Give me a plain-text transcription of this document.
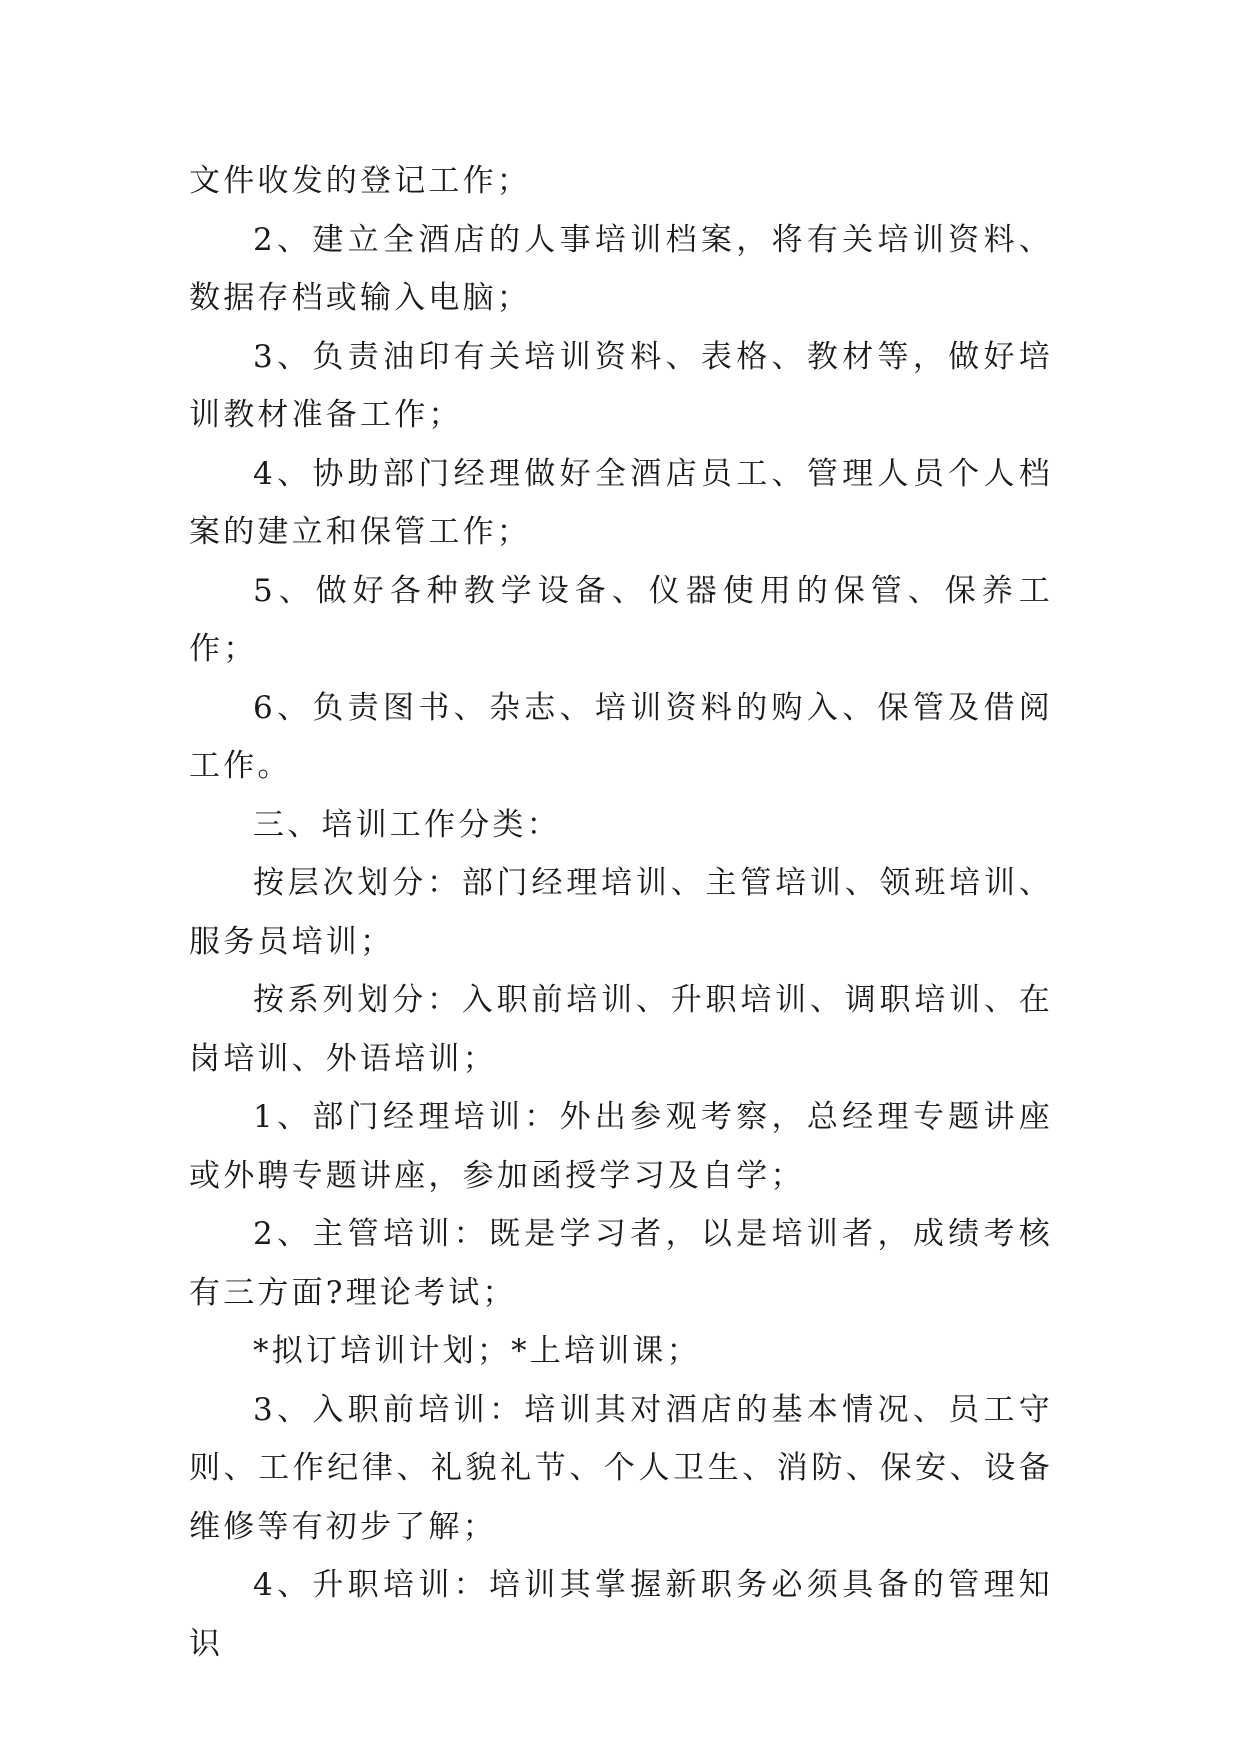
文件收发的登记工作；

2、建立全酒店的人事培训档案，将有关培训资料、数据存档或输入电脑；

3、负责油印有关培训资料、表格、教材等，做好培训教材准备工作；

4、协助部门经理做好全酒店员工、管理人员个人档案的建立和保管工作；

5、做好各种教学设备、仪器使用的保管、保养工作；

6、负责图书、杂志、培训资料的购入、保管及借阅工作。

三、培训工作分类：

按层次划分：部门经理培训、主管培训、领班培训、服务员培训；

按系列划分：入职前培训、升职培训、调职培训、在岗培训、外语培训；

1、部门经理培训：外出参观考察，总经理专题讲座或外聘专题讲座，参加函授学习及自学；

2、主管培训：既是学习者，以是培训者，成绩考核有三方面?理论考试；

*拟订培训计划；*上培训课；

3、入职前培训：培训其对酒店的基本情况、员工守则、工作纪律、礼貌礼节、个人卫生、消防、保安、设备维修等有初步了解；

4、升职培训：培训其掌握新职务必须具备的管理知识
